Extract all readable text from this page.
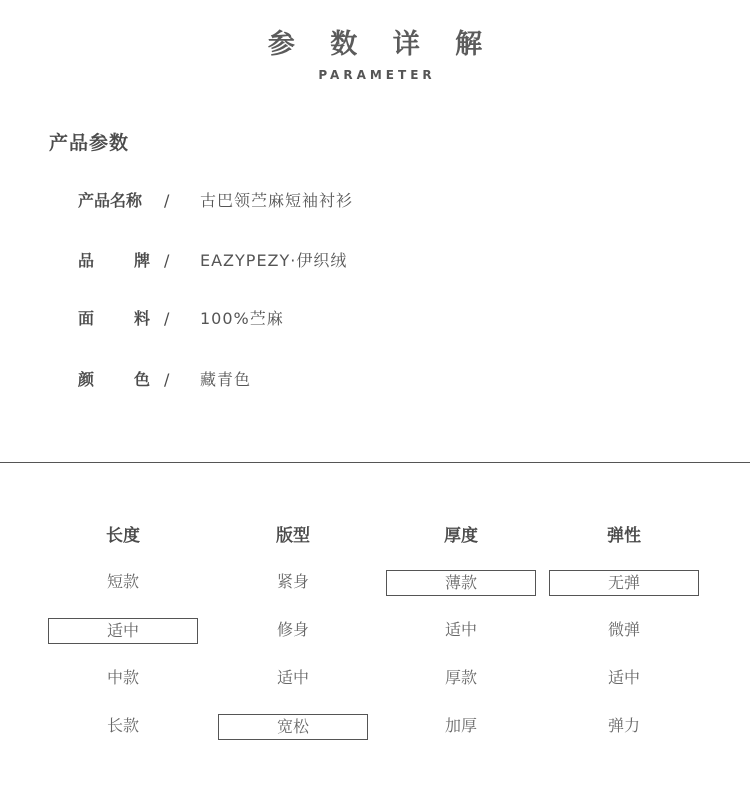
参 数 详 解
PARAMETER
产品参数
产品名称 / 古巴领苎麻短袖衬衫
品 牌 / EAZYPEZY·伊织绒
面 料 / 100%苎麻
颜 色 / 藏青色
长度
短款
适中
中款
长款
版型
紧身
修身
适中
宽松
厚度
薄款
适中
厚款
加厚
弹性
无弹
微弹
适中
弹力
